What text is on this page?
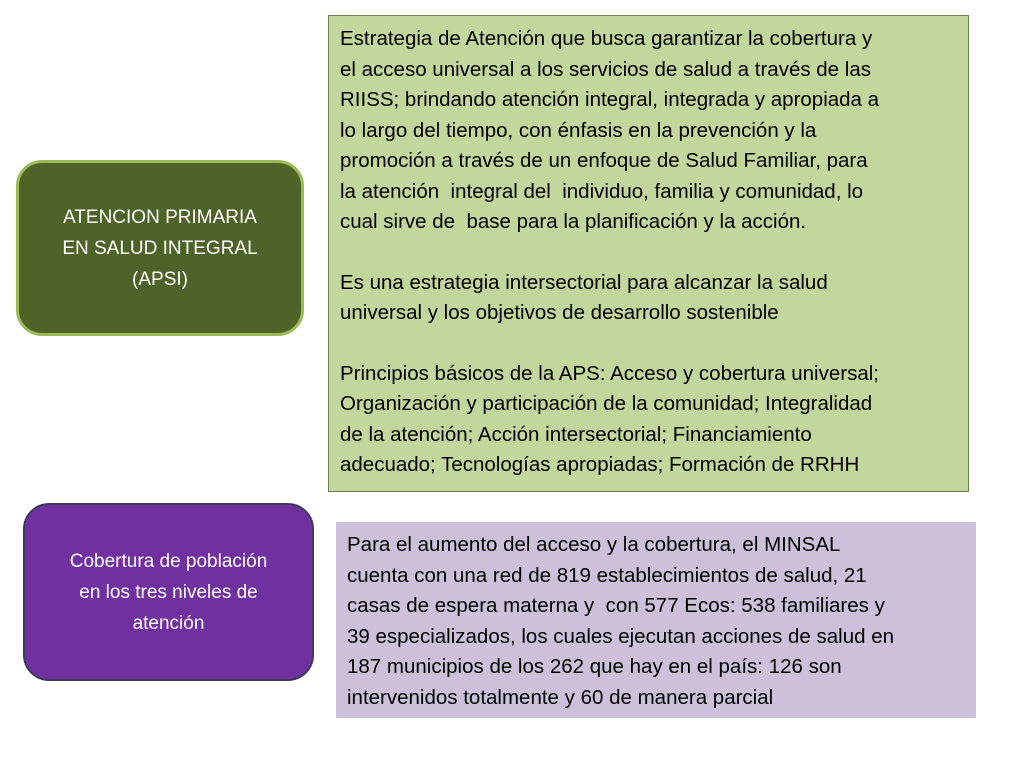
ATENCION PRIMARIA
EN SALUD INTEGRAL
(APSI)
Estrategia de Atención que busca garantizar la cobertura y
el acceso universal a los servicios de salud a través de las
RIISS; brindando atención integral, integrada y apropiada a
lo largo del tiempo, con énfasis en la prevención y la
promoción a través de un enfoque de Salud Familiar, para
la atención  integral del  individuo, familia y comunidad, lo
cual sirve de  base para la planificación y la acción.
Es una estrategia intersectorial para alcanzar la salud
universal y los objetivos de desarrollo sostenible
Principios básicos de la APS: Acceso y cobertura universal;
Organización y participación de la comunidad; Integralidad
de la atención; Acción intersectorial; Financiamiento
adecuado; Tecnologías apropiadas; Formación de RRHH
Cobertura de población
en los tres niveles de
atención
Para el aumento del acceso y la cobertura, el MINSAL
cuenta con una red de 819 establecimientos de salud, 21
casas de espera materna y  con 577 Ecos: 538 familiares y
39 especializados, los cuales ejecutan acciones de salud en
187 municipios de los 262 que hay en el país: 126 son
intervenidos totalmente y 60 de manera parcial
